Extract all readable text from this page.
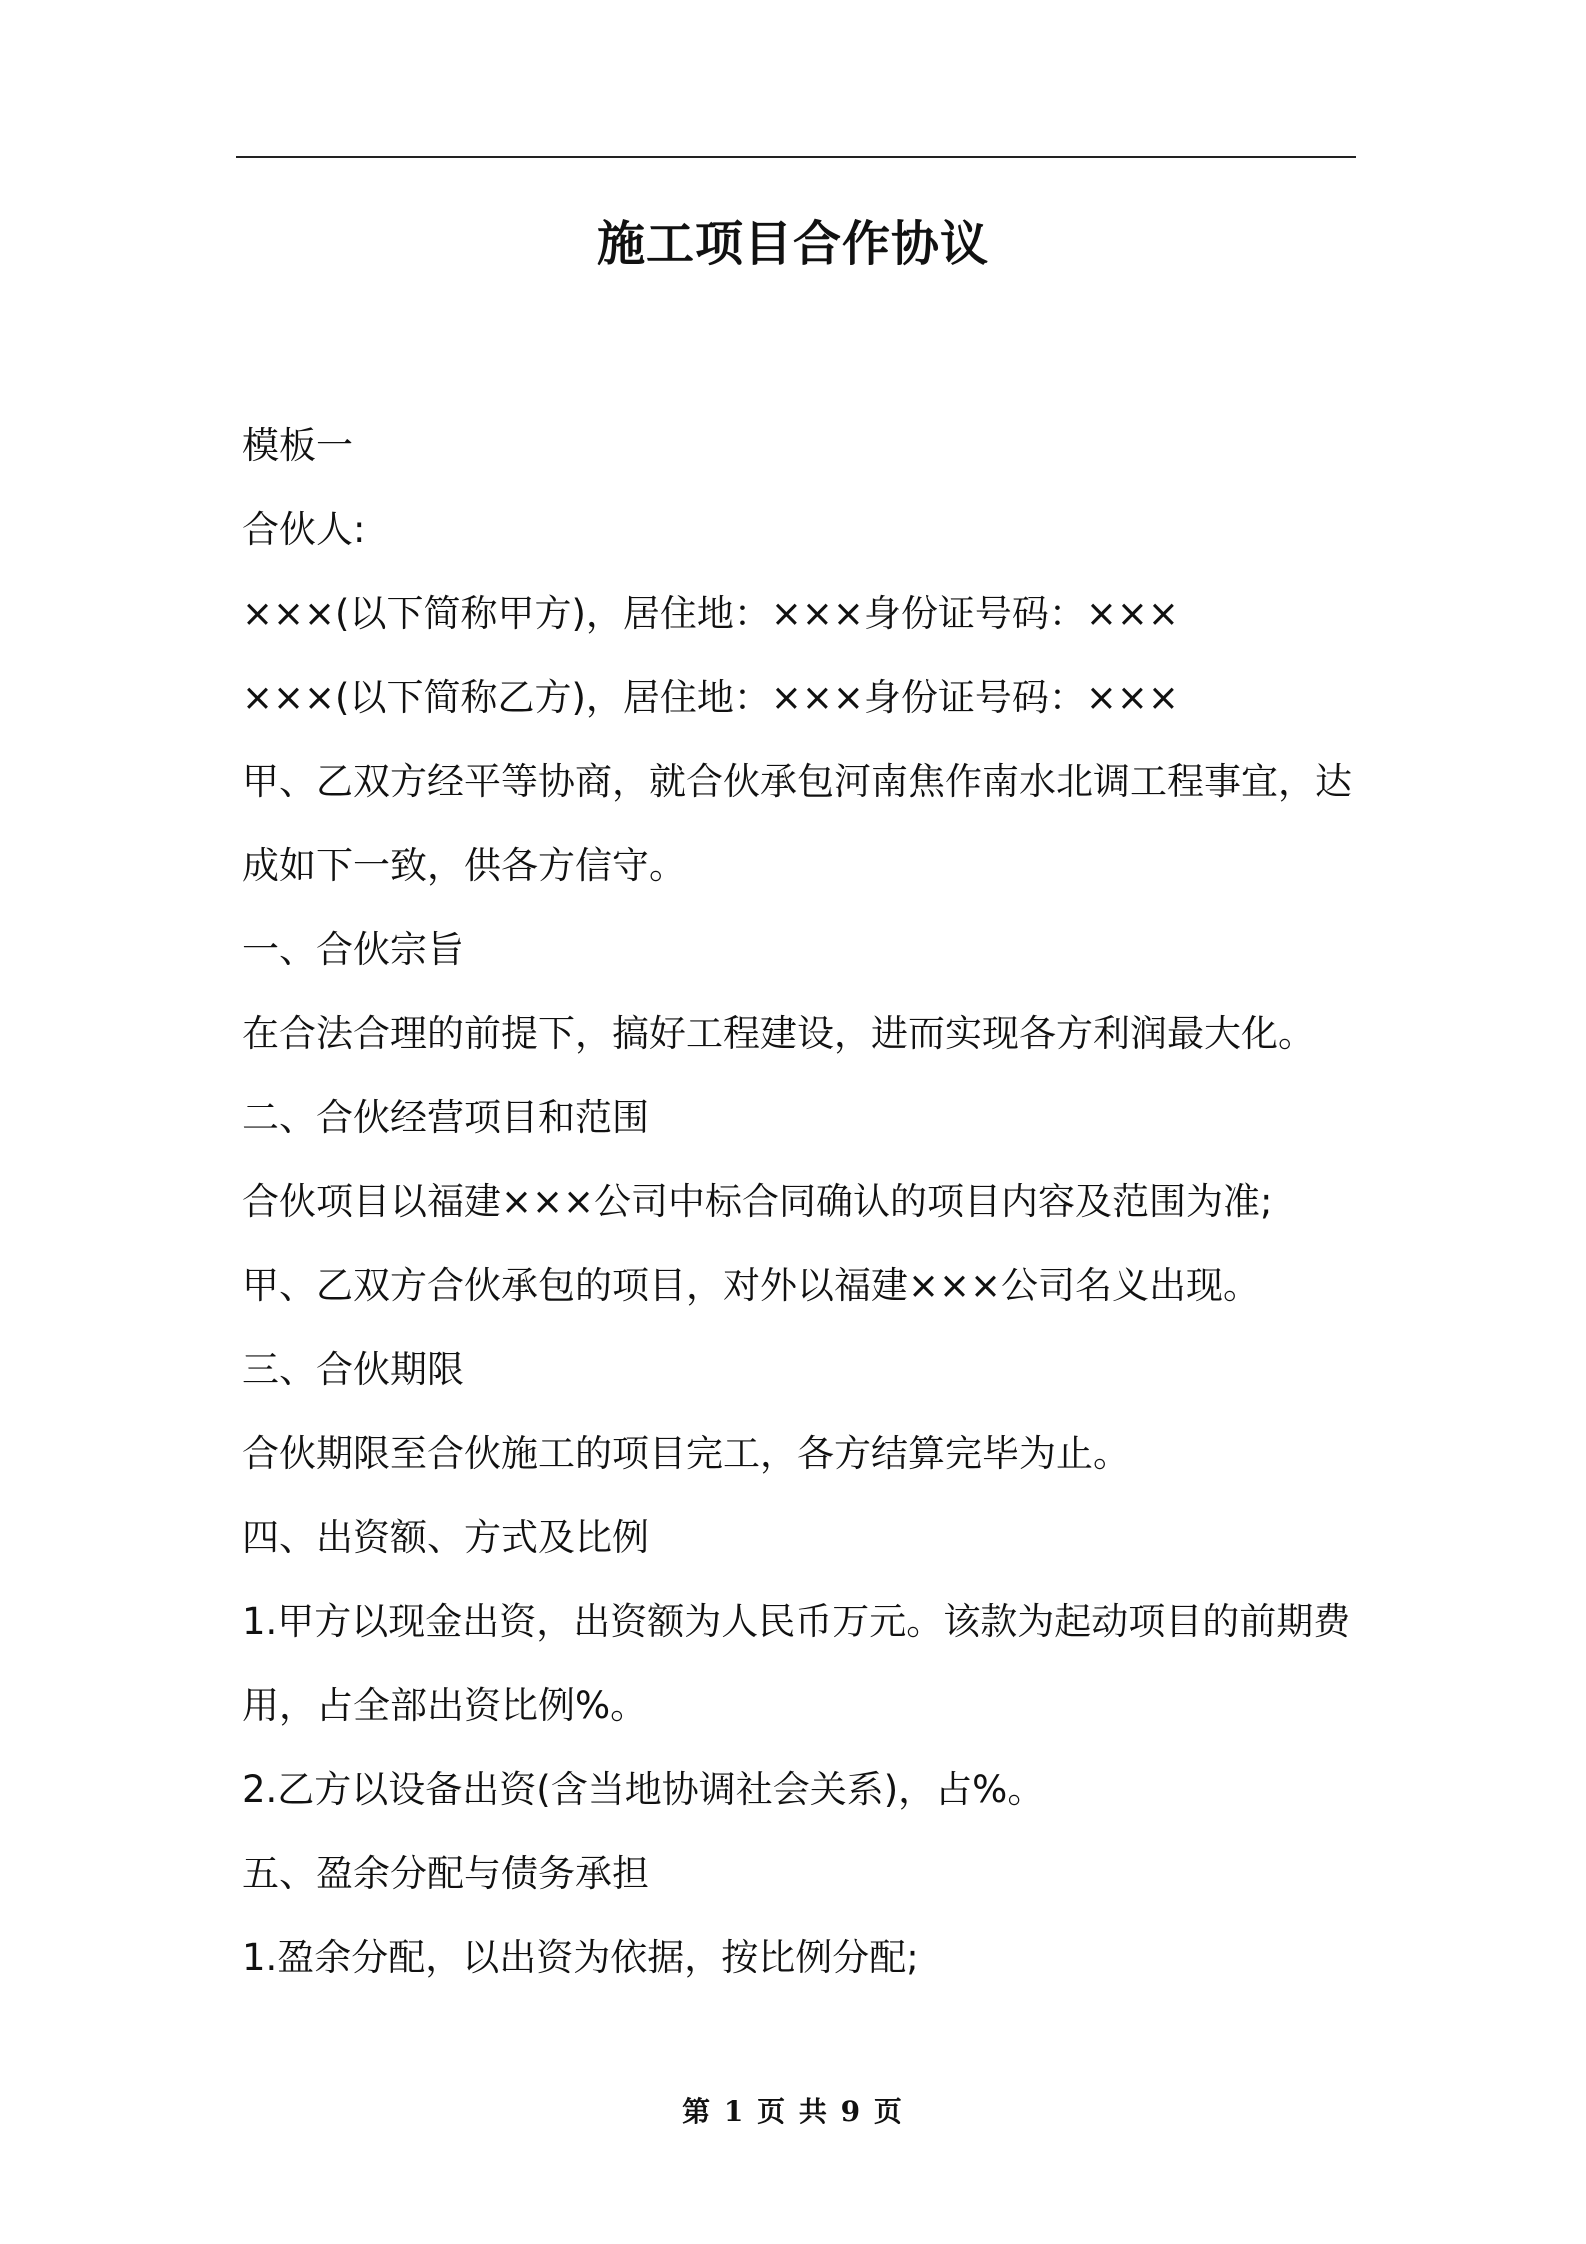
施工项目合作协议
模板一
合伙人:
×××(以下简称甲方)，居住地：×××身份证号码：×××
×××(以下简称乙方)，居住地：×××身份证号码：×××
甲、乙双方经平等协商，就合伙承包河南焦作南水北调工程事宜，达
成如下一致，供各方信守。
一、合伙宗旨
在合法合理的前提下，搞好工程建设，进而实现各方利润最大化。
二、合伙经营项目和范围
合伙项目以福建×××公司中标合同确认的项目内容及范围为准;
甲、乙双方合伙承包的项目，对外以福建×××公司名义出现。
三、合伙期限
合伙期限至合伙施工的项目完工，各方结算完毕为止。
四、出资额、方式及比例
1.甲方以现金出资，出资额为人民币万元。该款为起动项目的前期费
用，占全部出资比例%。
2.乙方以设备出资(含当地协调社会关系)，占%。
五、盈余分配与债务承担
1.盈余分配，以出资为依据，按比例分配;
第 1 页 共 9 页
